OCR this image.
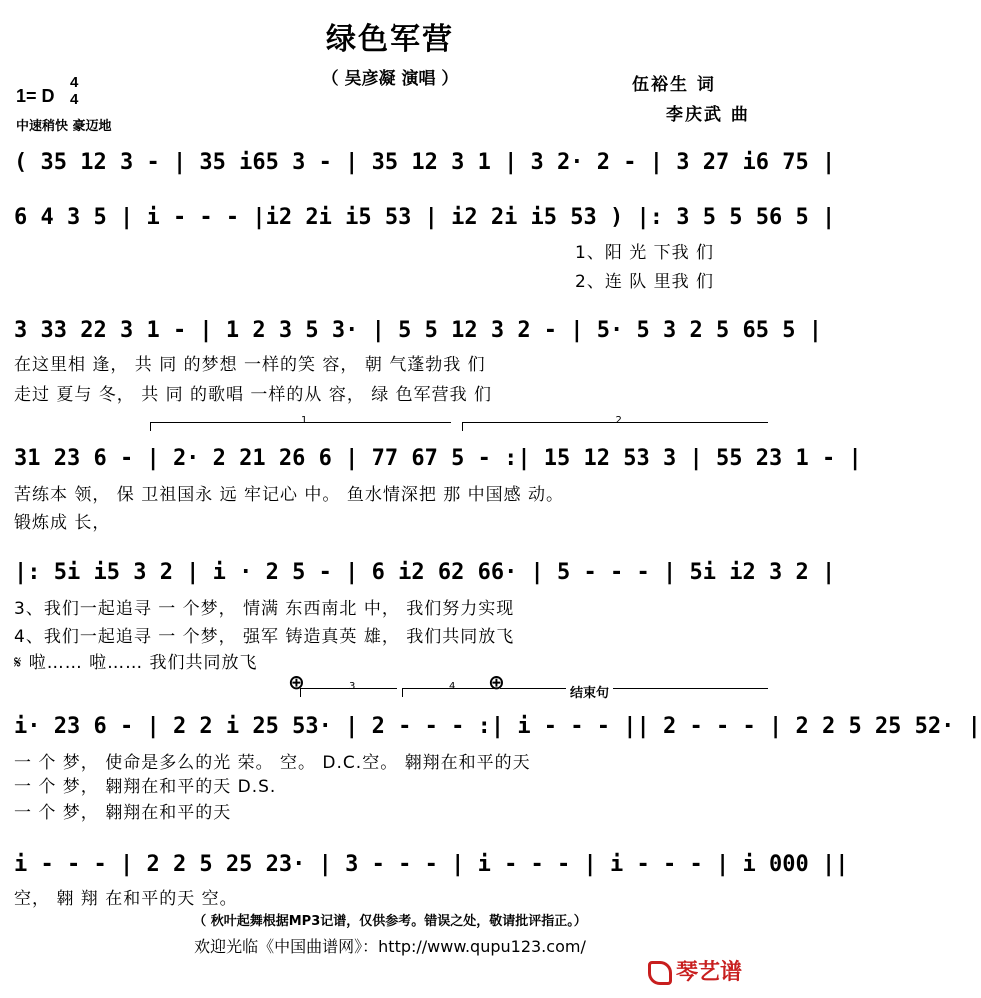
绿色军营
（ 吴彦凝 演唱 ）	伍裕生 词
李庆武 曲
1= D
4
4
中速稍快 豪迈地
( 35 12 3 - | 35 i65 3 - | 35 12 3 1 | 3 2· 2 - | 3 27 i6 75 |
6 4 3 5 | i - - - |i2 2i i5 53 | i2 2i i5 53 ) |: 3 5 5 56 5 |
1、阳 光 下我 们
2、连 队 里我 们
3 33 22 3 1 - | 1 2 3 5 3· | 5 5 12 3 2 - | 5· 5 3 2 5 65 5 |
在这里相 逢， 共 同 的梦想 一样的笑 容， 朝 气蓬勃我 们
走过 夏与 冬， 共 同 的歌唱 一样的从 容， 绿 色军营我 们
1	2
31 23 6 - | 2· 2 21 26 6 | 77 67 5 - :| 15 12 53 3 | 55 23 1 - |
苦练本 领， 保 卫祖国永 远 牢记心 中。 鱼水情深把 那 中国感 动。
锻炼成 长，
|: 5i i5 3 2 | i · 2 5 - | 6 i2 62 66· | 5 - - - | 5i i2 3 2 |
3、我们一起追寻 一 个梦， 情满 东西南北 中， 我们努力实现
4、我们一起追寻 一 个梦， 强军 铸造真英 雄， 我们共同放飞
𝄋 啦…… 啦…… 我们共同放飞
⊕	⊕
3	4	结束句
i· 23 6 - | 2 2 i 25 53· | 2 - - - :| i - - - || 2 - - - | 2 2 5 25 52· |
一 个 梦， 使命是多么的光 荣。 空。 D.C.空。 翱翔在和平的天
一 个 梦， 翱翔在和平的天 D.S.
一 个 梦， 翱翔在和平的天
i - - - | 2 2 5 25 23· | 3 - - - | i - - - | i - - - | i 000 ||
空， 翱 翔 在和平的天 空。
（ 秋叶起舞根据MP3记谱，仅供参考。错误之处，敬请批评指正。）
欢迎光临《中国曲谱网》：http://www.qupu123.com/
琴艺谱
